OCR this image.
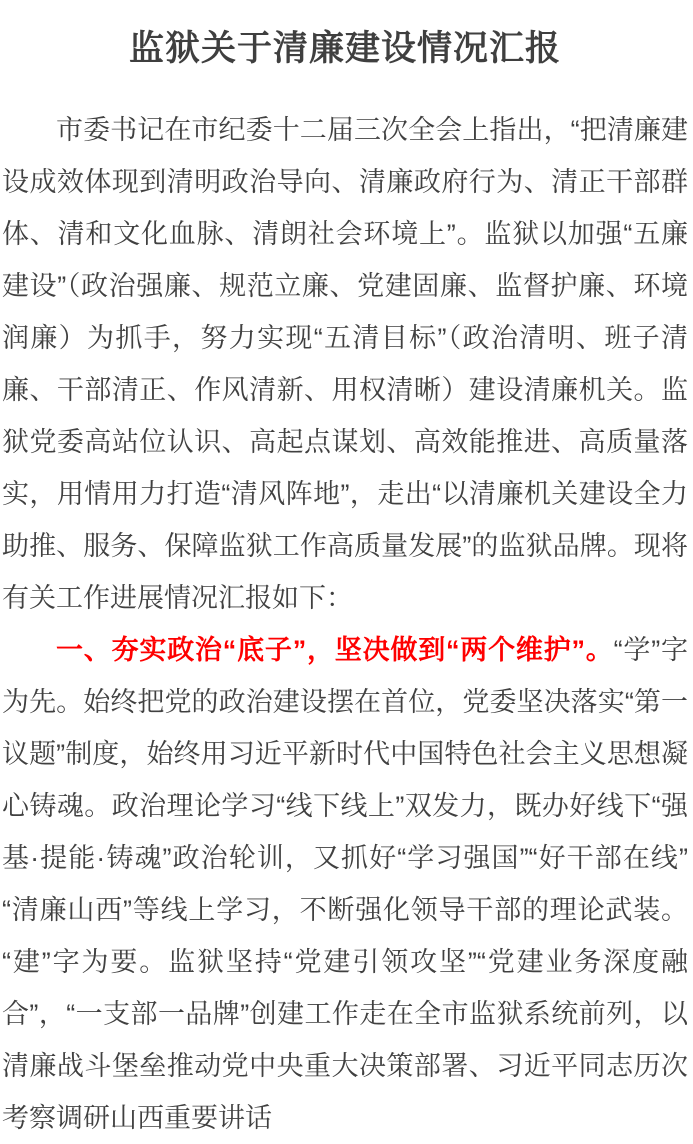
监狱关于清廉建设情况汇报

市委书记在市纪委十二届三次全会上指出，“把清廉建设成效体现到清明政治导向、清廉政府行为、清正干部群体、清和文化血脉、清朗社会环境上”。监狱以加强“五廉建设”（政治强廉、规范立廉、党建固廉、监督护廉、环境润廉）为抓手，努力实现“五清目标”（政治清明、班子清廉、干部清正、作风清新、用权清晰）建设清廉机关。监狱党委高站位认识、高起点谋划、高效能推进、高质量落实，用情用力打造“清风阵地”，走出“以清廉机关建设全力助推、服务、保障监狱工作高质量发展”的监狱品牌。现将有关工作进展情况汇报如下：

一、夯实政治“底子”，坚决做到“两个维护”。“学”字为先。始终把党的政治建设摆在首位，党委坚决落实“第一议题”制度，始终用习近平新时代中国特色社会主义思想凝心铸魂。政治理论学习“线下线上”双发力，既办好线下“强基·提能·铸魂”政治轮训，又抓好“学习强国”“好干部在线”“清廉山西”等线上学习，不断强化领导干部的理论武装。“建”字为要。监狱坚持“党建引领攻坚”“党建业务深度融合”，“一支部一品牌”创建工作走在全市监狱系统前列，以清廉战斗堡垒推动党中央重大决策部署、习近平同志历次考察调研山西重要讲话
